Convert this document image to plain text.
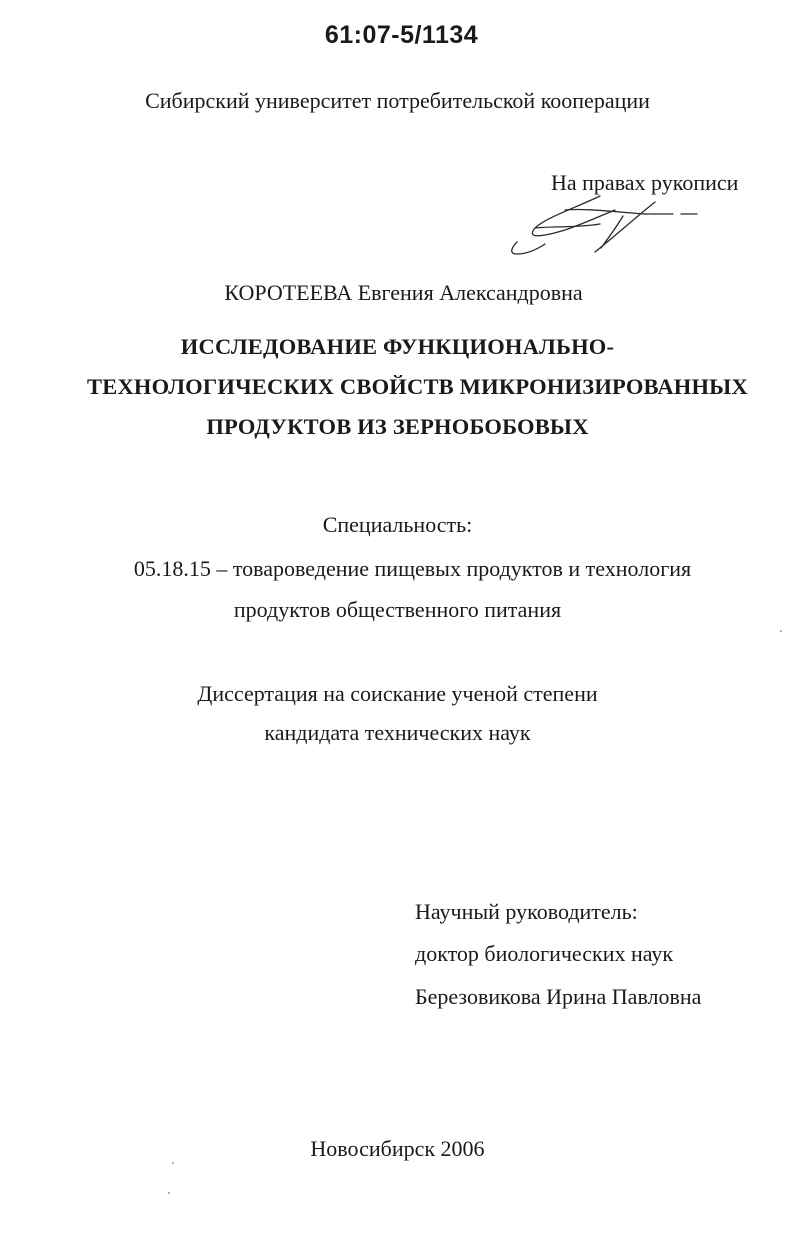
61:07-5/1134
Сибирский университет потребительской кооперации
На правах рукописи
КОРОТЕЕВА Евгения Александровна
ИССЛЕДОВАНИЕ ФУНКЦИОНАЛЬНО-
ТЕХНОЛОГИЧЕСКИХ СВОЙСТВ МИКРОНИЗИРОВАННЫХ
ПРОДУКТОВ ИЗ ЗЕРНОБОБОВЫХ
Специальность:
05.18.15 – товароведение пищевых продуктов и технология
продуктов общественного питания
Диссертация на соискание ученой степени
кандидата технических наук
Научный руководитель:
доктор биологических наук
Березовикова Ирина Павловна
Новосибирск 2006
